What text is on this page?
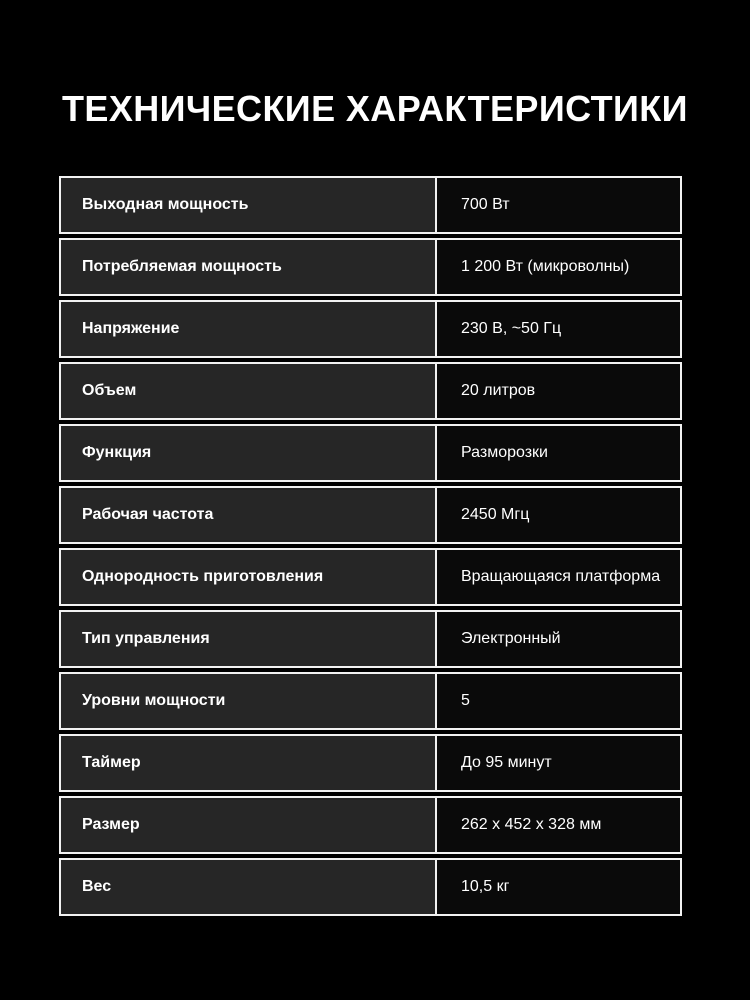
ТЕХНИЧЕСКИЕ ХАРАКТЕРИСТИКИ
Выходная мощность	700 Вт
Потребляемая мощность	1 200 Вт (микроволны)
Напряжение	230 В, ~50 Гц
Объем	20 литров
Функция	Разморозки
Рабочая частота	2450 Мгц
Однородность приготовления	Вращающаяся платформа
Тип управления	Электронный
Уровни мощности	5
Таймер	До 95 минут
Размер	262 х 452 х 328 мм
Вес	10,5 кг
